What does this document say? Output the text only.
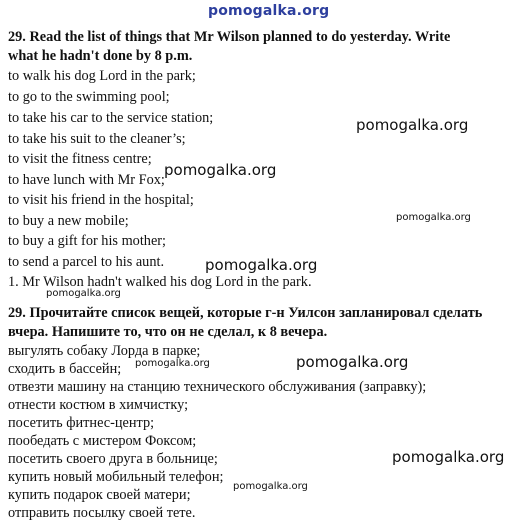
pomogalka.org
pomogalka.org
pomogalka.org
pomogalka.org
pomogalka.org
pomogalka.org
pomogalka.org
pomogalka.org
pomogalka.org
pomogalka.org
29. Read the list of things that Mr Wilson planned to do yesterday. Write
what he hadn't done by 8 p.m.
to walk his dog Lord in the park;
to go to the swimming pool;
to take his car to the service station;
to take his suit to the cleaner’s;
to visit the fitness centre;
to have lunch with Mr Fox;
to visit his friend in the hospital;
to buy a new mobile;
to buy a gift for his mother;
to send a parcel to his aunt.
1. Mr Wilson hadn't walked his dog Lord in the park.
29. Прочитайте список вещей, которые г-н Уилсон запланировал сделать
вчера. Напишите то, что он не сделал, к 8 вечера.
выгулять собаку Лорда в парке;
сходить в бассейн;
отвезти машину на станцию технического обслуживания (заправку);
отнести костюм в химчистку;
посетить фитнес-центр;
пообедать с мистером Фоксом;
посетить своего друга в больнице;
купить новый мобильный телефон;
купить подарок своей матери;
отправить посылку своей тете.
